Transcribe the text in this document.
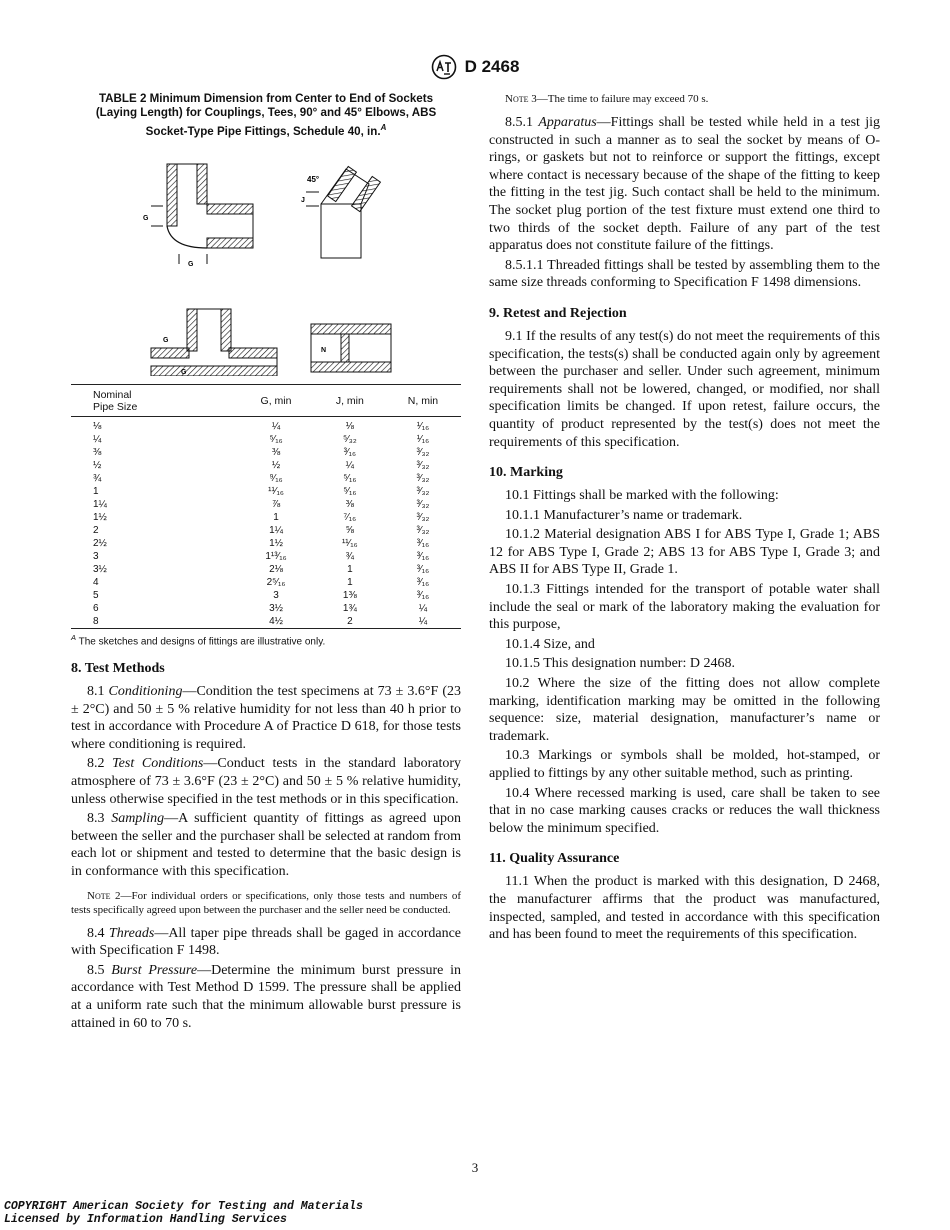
D 2468
TABLE 2 Minimum Dimension from Center to End of Sockets (Laying Length) for Couplings, Tees, 90° and 45° Elbows, ABS Socket-Type Pipe Fittings, Schedule 40, in.$^A$
G
G
45°
J
G
G
N
Nominal
Pipe Size	G, min	J, min	N, min
⅛	¼	⅛	¹⁄₁₆
¼	⁵⁄₁₆	⁵⁄₃₂	¹⁄₁₆
⅜	⅜	³⁄₁₆	³⁄₃₂
½	½	¼	³⁄₃₂
¾	⁹⁄₁₆	⁵⁄₁₆	³⁄₃₂
1	¹¹⁄₁₆	⁵⁄₁₆	³⁄₃₂
1¼	⅞	⅜	³⁄₃₂
1½	1	⁷⁄₁₆	³⁄₃₂
2	1¼	⅝	³⁄₃₂
2½	1½	¹¹⁄₁₆	³⁄₁₆
3	1¹³⁄₁₆	¾	³⁄₁₆
3½	2⅛	1	³⁄₁₆
4	2⁵⁄₁₆	1	³⁄₁₆
5	3	1⅜	³⁄₁₆
6	3½	1¾	¼
8	4½	2	¼
$^A$ The sketches and designs of fittings are illustrative only.
8. Test Methods

8.1 Conditioning—Condition the test specimens at 73 ± 3.6°F (23 ± 2°C) and 50 ± 5 % relative humidity for not less than 40 h prior to test in accordance with Procedure A of Practice D 618, for those tests where conditioning is required.

8.2 Test Conditions—Conduct tests in the standard laboratory atmosphere of 73 ± 3.6°F (23 ± 2°C) and 50 ± 5 % relative humidity, unless otherwise specified in the test methods or in this specification.

8.3 Sampling—A sufficient quantity of fittings as agreed upon between the seller and the purchaser shall be selected at random from each lot or shipment and tested to determine that the basic design is in conformance with this specification.

Note 2—For individual orders or specifications, only those tests and numbers of tests specifically agreed upon between the purchaser and the seller need be conducted.

8.4 Threads—All taper pipe threads shall be gaged in accordance with Specification F 1498.

8.5 Burst Pressure—Determine the minimum burst pressure in accordance with Test Method D 1599. The pressure shall be applied at a uniform rate such that the minimum allowable burst pressure is attained in 60 to 70 s.

Note 3—The time to failure may exceed 70 s.

8.5.1 Apparatus—Fittings shall be tested while held in a test jig constructed in such a manner as to seal the socket by means of O-rings, or gaskets but not to reinforce or support the fittings, except where contact is necessary because of the shape of the fitting to keep the fitting in the test jig. Such contact shall be held to the minimum. The socket plug portion of the test fixture must extend one third to two thirds of the socket depth. Failure of any part of the test apparatus does not constitute failure of the fittings.

8.5.1.1 Threaded fittings shall be tested by assembling them to the same size threads conforming to Specification F 1498 dimensions.

9. Retest and Rejection

9.1 If the results of any test(s) do not meet the requirements of this specification, the tests(s) shall be conducted again only by agreement between the purchaser and seller. Under such agreement, minimum requirements shall not be lowered, changed, or modified, nor shall specification limits be changed. If upon retest, failure occurs, the quantity of product represented by the test(s) does not meet the requirements of this specification.

10. Marking

10.1 Fittings shall be marked with the following:

10.1.1 Manufacturer’s name or trademark.

10.1.2 Material designation ABS I for ABS Type I, Grade 1; ABS 12 for ABS Type I, Grade 2; ABS 13 for ABS Type I, Grade 3; and ABS II for ABS Type II, Grade 1.

10.1.3 Fittings intended for the transport of potable water shall include the seal or mark of the laboratory making the evaluation for this purpose,

10.1.4 Size, and

10.1.5 This designation number: D 2468.

10.2 Where the size of the fitting does not allow complete marking, identification marking may be omitted in the following sequence: size, material designation, manufacturer’s name or trademark.

10.3 Markings or symbols shall be molded, hot-stamped, or applied to fittings by any other suitable method, such as printing.

10.4 Where recessed marking is used, care shall be taken to see that in no case marking causes cracks or reduces the wall thickness below the minimum specified.

11. Quality Assurance

11.1 When the product is marked with this designation, D 2468, the manufacturer affirms that the product was manufactured, inspected, sampled, and tested in accordance with this specification and has been found to meet the requirements of this specification.

3
COPYRIGHT American Society for Testing and Materials
Licensed by Information Handling Services
